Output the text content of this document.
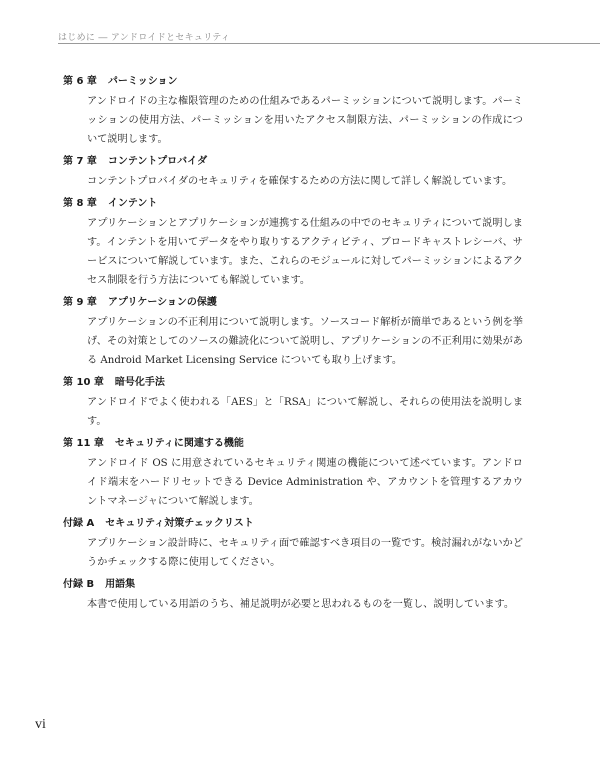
はじめに ― アンドロイドとセキュリティ
第 6 章 パーミッション
アンドロイドの主な権限管理のための仕組みであるパーミッションについて説明します。パーミッションの使用方法、パーミッションを用いたアクセス制限方法、パーミッションの作成について説明します。
第 7 章 コンテントプロバイダ
コンテントプロバイダのセキュリティを確保するための方法に関して詳しく解説しています。
第 8 章 インテント
アプリケーションとアプリケーションが連携する仕組みの中でのセキュリティについて説明します。インテントを用いてデータをやり取りするアクティビティ、ブロードキャストレシーバ、サービスについて解説しています。また、これらのモジュールに対してパーミッションによるアクセス制限を行う方法についても解説しています。
第 9 章 アプリケーションの保護
アプリケーションの不正利用について説明します。ソースコード解析が簡単であるという例を挙げ、その対策としてのソースの難読化について説明し、アプリケーションの不正利用に効果がある Android Market Licensing Service についても取り上げます。
第 10 章 暗号化手法
アンドロイドでよく使われる「AES」と「RSA」について解説し、それらの使用法を説明します。
第 11 章 セキュリティに関連する機能
アンドロイド OS に用意されているセキュリティ関連の機能について述べています。アンドロイド端末をハードリセットできる Device Administration や、アカウントを管理するアカウントマネージャについて解説します。
付録 A セキュリティ対策チェックリスト
アプリケーション設計時に、セキュリティ面で確認すべき項目の一覧です。検討漏れがないかどうかチェックする際に使用してください。
付録 B 用語集
本書で使用している用語のうち、補足説明が必要と思われるものを一覧し、説明しています。
vi
